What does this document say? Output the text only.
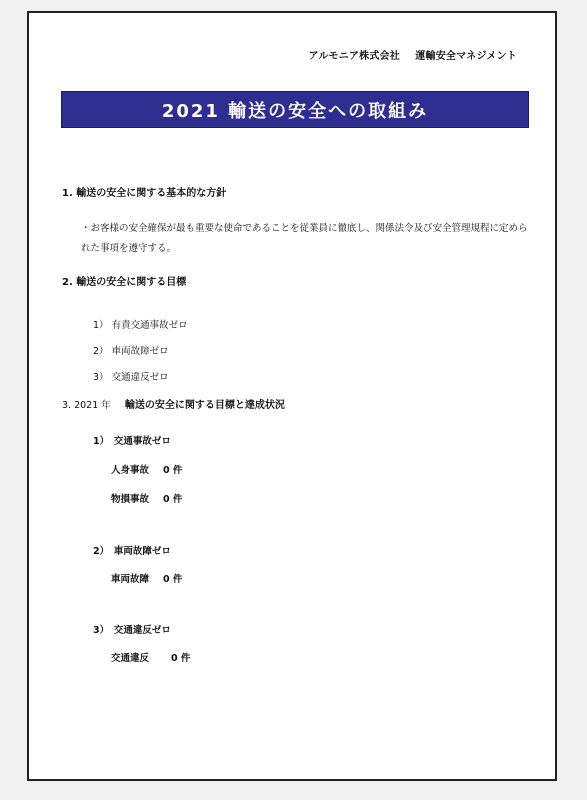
アルモニア株式会社 運輸安全マネジメント
2021 輸送の安全への取組み
1. 輸送の安全に関する基本的な方針
・お客様の安全確保が最も重要な使命であることを従業員に徹底し、関係法令及び安全管理規程に定められた事項を遵守する。
2. 輸送の安全に関する目標
1） 有責交通事故ゼロ
2） 車両故障ゼロ
3） 交通違反ゼロ
3. 2021 年 輸送の安全に関する目標と達成状況
1）　交通事故ゼロ
人身事故 0 件
物損事故 0 件
2）　車両故障ゼロ
車両故障 0 件
3）　交通違反ゼロ
交通違反 0 件
